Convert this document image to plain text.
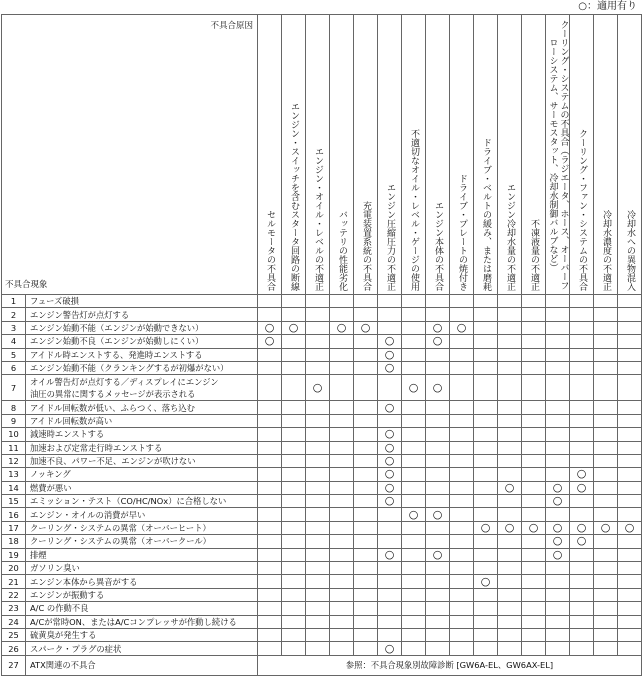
○：適用有り
不具合原因
不具合現象		セルモータの不具合	エンジン・スイッチを含むスタータ回路の断線	エンジン・オイル・レベルの不適正	バッテリの性能劣化	充電装置系統の不具合	エンジン圧縮圧力の不適正	不適切なオイル・レベル・ゲージの使用	エンジン本体の不具合	ドライブ・プレートの焼付き	ドライブ・ベルトの緩み、または磨耗	エンジン冷却水量の不適正	不凍液量の不適正	クーリング・システムの不具合（ラジエータ、ホース、オーバーフローシステム、サーモスタット、冷却水制御バルブなど）	クーリング・ファン・システムの不具合	冷却水濃度の不適正	冷却水への異物混入

1	フューズ破損																
2	エンジン警告灯が点灯する																
3	エンジン始動不能（エンジンが始動できない）	○	○		○	○			○	○							
4	エンジン始動不良（エンジンが始動しにくい）	○					○		○								
5	アイドル時エンストする、発進時エンストする						○										
6	エンジン始動不能（クランキングするが初爆がない）						○										
7	オイル警告灯が点灯する／ディスプレイにエンジン
油圧の異常に関するメッセージが表示される			○				○	○								
8	アイドル回転数が低い、ふらつく、落ち込む						○										
9	アイドル回転数が高い																
10	減速時エンストする						○										
11	加速および定常走行時エンストする						○										
12	加速不良、パワー不足、エンジンが吹けない						○										
13	ノッキング						○								○		
14	燃費が悪い						○					○		○	○		
15	エミッション・テスト（CO/HC/NOx）に合格しない						○							○			
16	エンジン・オイルの消費が早い							○	○								
17	クーリング・システムの異常（オーバーヒート）										○	○	○	○	○	○	○
18	クーリング・システムの異常（オーバークール）													○	○		
19	排煙						○		○					○			
20	ガソリン臭い																
21	エンジン本体から異音がする										○						
22	エンジンが振動する																
23	A/C の作動不良																
24	A/Cが常時ON、またはA/Cコンプレッサが作動し続ける																
25	硫黄臭が発生する																
26	スパーク・プラグの症状						○										
27	ATX関連の不具合	参照：不具合現象別故障診断 [GW6A-EL、GW6AX-EL]															
